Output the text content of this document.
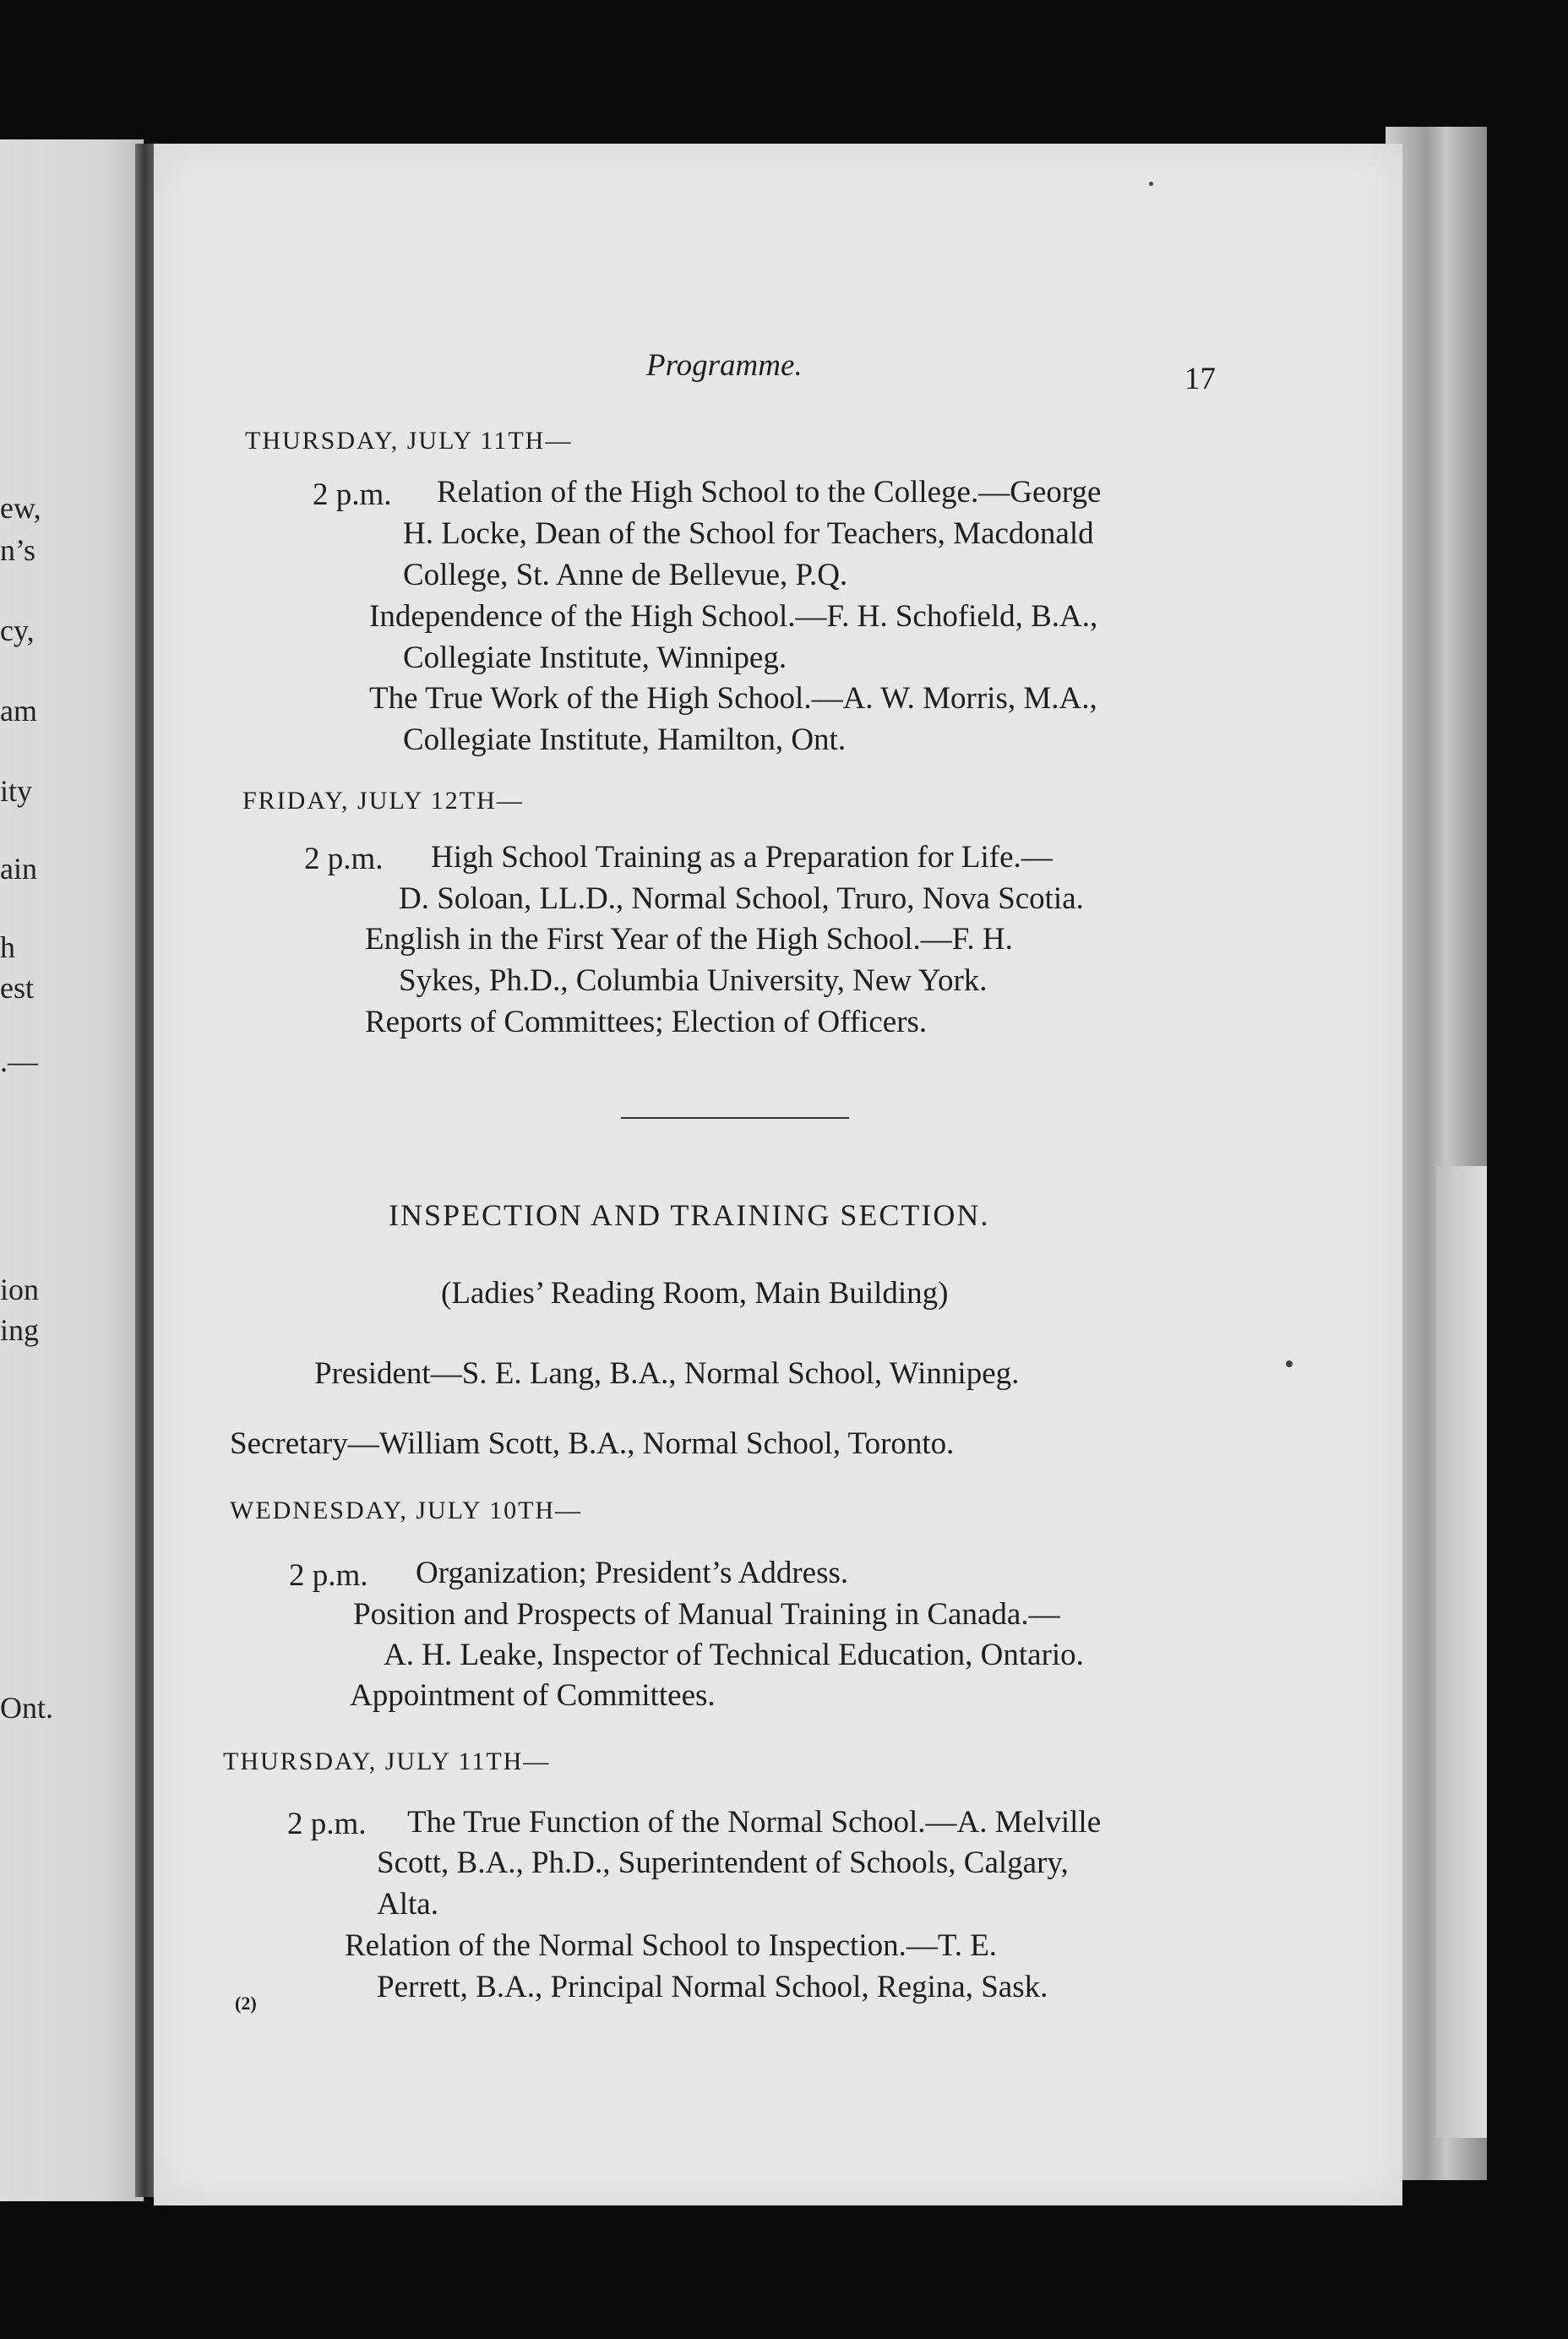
ew,
n’s
cy,
am
ity
ain
h
est
.—
ion
ing
Ont.
Programme.	17
THURSDAY, JULY 11TH—
2 p.m. Relation of the High School to the College.—George
H. Locke, Dean of the School for Teachers, Macdonald
College, St. Anne de Bellevue, P.Q.
Independence of the High School.—F. H. Schofield, B.A.,
Collegiate Institute, Winnipeg.
The True Work of the High School.—A. W. Morris, M.A.,
Collegiate Institute, Hamilton, Ont.
FRIDAY, JULY 12TH—
2 p.m. High School Training as a Preparation for Life.—
D. Soloan, LL.D., Normal School, Truro, Nova Scotia.
English in the First Year of the High School.—F. H.
Sykes, Ph.D., Columbia University, New York.
Reports of Committees; Election of Officers.
INSPECTION AND TRAINING SECTION.
(Ladies’ Reading Room, Main Building)
President—S. E. Lang, B.A., Normal School, Winnipeg.
Secretary—William Scott, B.A., Normal School, Toronto.
WEDNESDAY, JULY 10TH—
2 p.m. Organization; President’s Address.
Position and Prospects of Manual Training in Canada.—
A. H. Leake, Inspector of Technical Education, Ontario.
Appointment of Committees.
THURSDAY, JULY 11TH—
2 p.m. The True Function of the Normal School.—A. Melville
Scott, B.A., Ph.D., Superintendent of Schools, Calgary,
Alta.
Relation of the Normal School to Inspection.—T. E.
Perrett, B.A., Principal Normal School, Regina, Sask.
(2)
